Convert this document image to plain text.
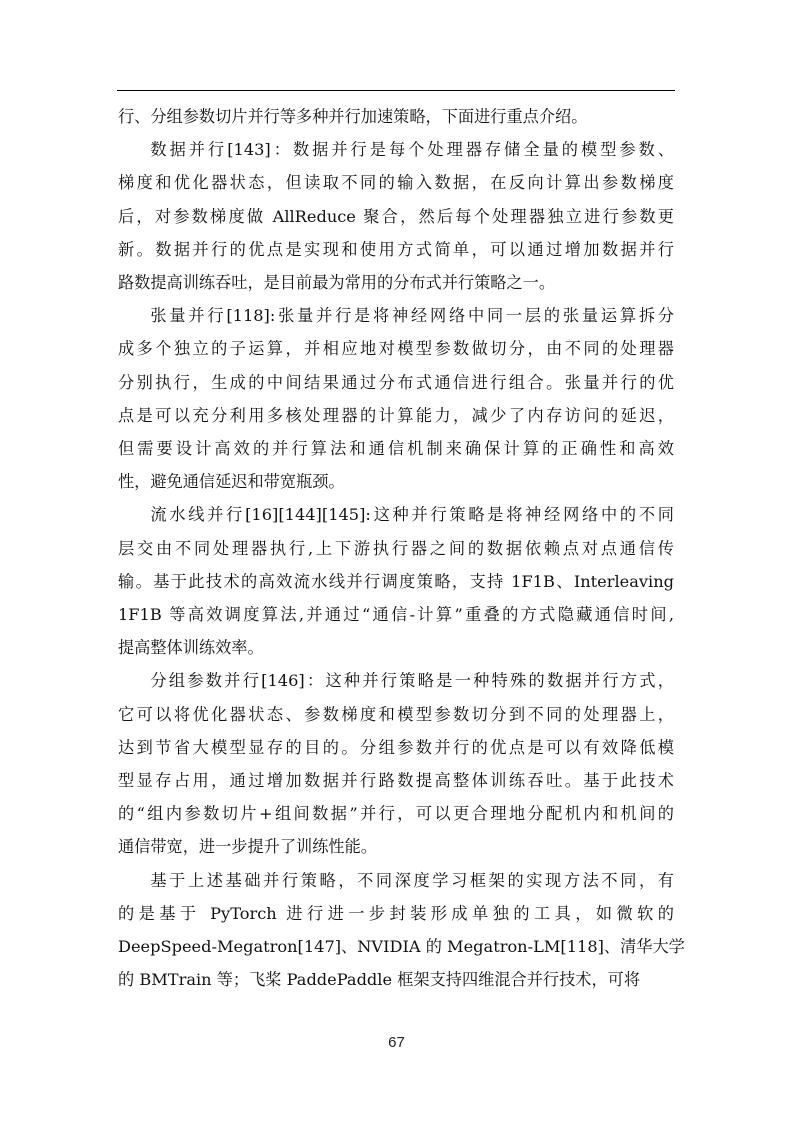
行、分组参数切片并行等多种并行加速策略，下面进行重点介绍。
数据并行[143]：数据并行是每个处理器存储全量的模型参数、
梯度和优化器状态，但读取不同的输入数据，在反向计算出参数梯度
后，对参数梯度做 AllReduce 聚合，然后每个处理器独立进行参数更
新。数据并行的优点是实现和使用方式简单，可以通过增加数据并行
路数提高训练吞吐，是目前最为常用的分布式并行策略之一。
张量并行[118]:张量并行是将神经网络中同一层的张量运算拆分
成多个独立的子运算，并相应地对模型参数做切分，由不同的处理器
分别执行，生成的中间结果通过分布式通信进行组合。张量并行的优
点是可以充分利用多核处理器的计算能力，减少了内存访问的延迟，
但需要设计高效的并行算法和通信机制来确保计算的正确性和高效
性，避免通信延迟和带宽瓶颈。
流水线并行[16][144][145]:这种并行策略是将神经网络中的不同
层交由不同处理器执行,上下游执行器之间的数据依赖点对点通信传
输。基于此技术的高效流水线并行调度策略，支持 1F1B、Interleaving
1F1B 等高效调度算法,并通过“通信-计算”重叠的方式隐藏通信时间,
提高整体训练效率。
分组参数并行[146]：这种并行策略是一种特殊的数据并行方式，
它可以将优化器状态、参数梯度和模型参数切分到不同的处理器上，
达到节省大模型显存的目的。分组参数并行的优点是可以有效降低模
型显存占用，通过增加数据并行路数提高整体训练吞吐。基于此技术
的“组内参数切片+组间数据”并行，可以更合理地分配机内和机间的
通信带宽，进一步提升了训练性能。
基于上述基础并行策略，不同深度学习框架的实现方法不同，有
的是基于 PyTorch 进行进一步封装形成单独的工具，如微软的
DeepSpeed-Megatron[147]、NVIDIA 的 Megatron-LM[118]、清华大学
的 BMTrain 等；飞桨 PaddePaddle 框架支持四维混合并行技术，可将
67
